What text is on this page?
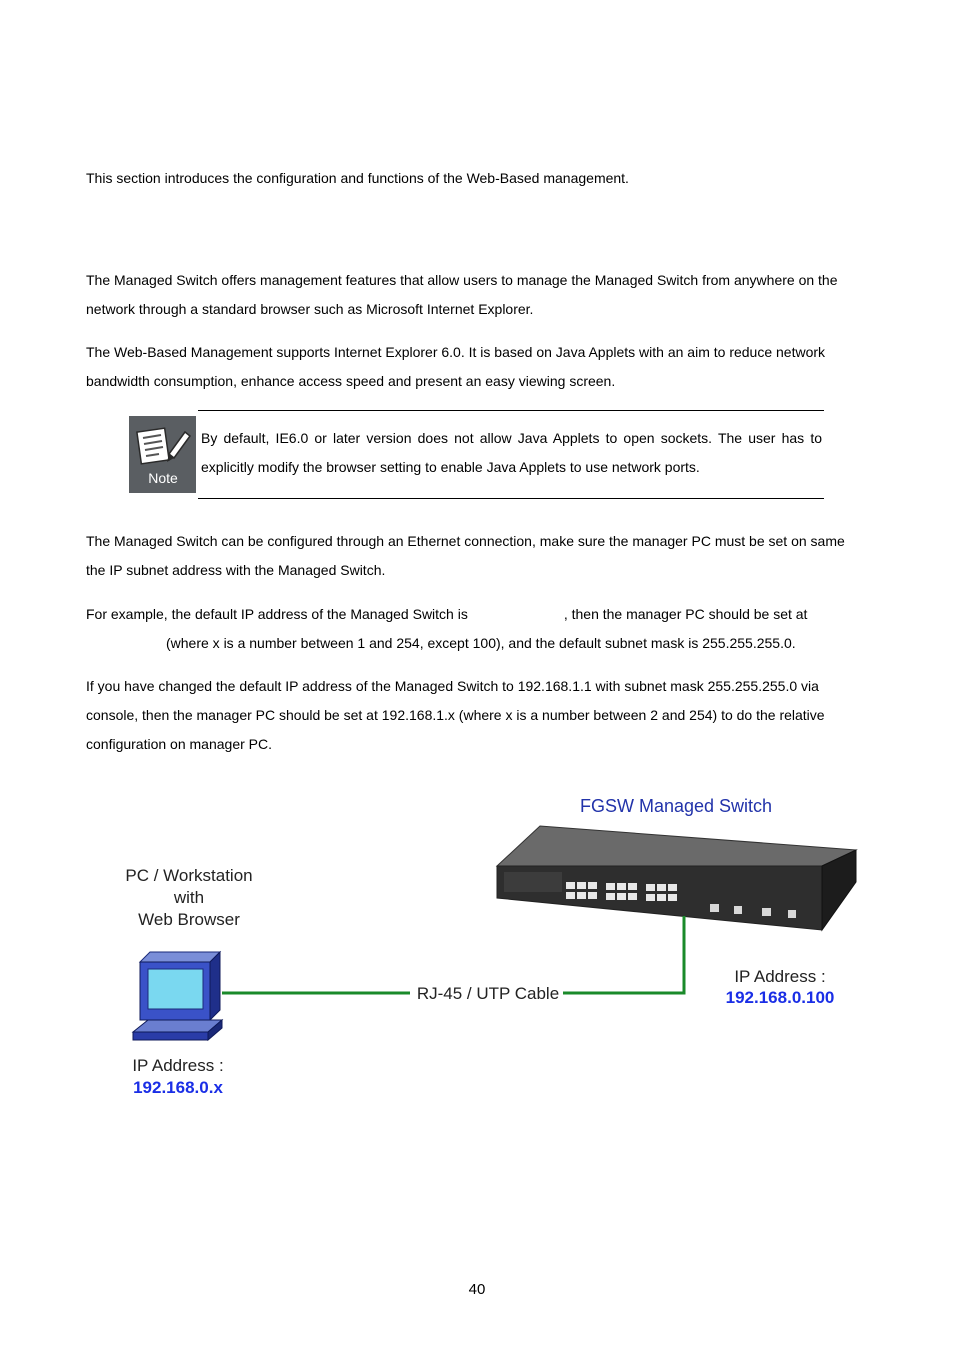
This section introduces the configuration and functions of the Web-Based management.

The Managed Switch offers management features that allow users to manage the Managed Switch from anywhere on the
network through a standard browser such as Microsoft Internet Explorer.

The Web-Based Management supports Internet Explorer 6.0. It is based on Java Applets with an aim to reduce network
bandwidth consumption, enhance access speed and present an easy viewing screen.

Note
By default, IE6.0 or later version does not allow Java Applets to open sockets. The user has to explicitly modify the browser setting to enable Java Applets to use network ports.

The Managed Switch can be configured through an Ethernet connection, make sure the manager PC must be set on same
the IP subnet address with the Managed Switch.

For example, the default IP address of the Managed Switch is	, then the manager PC should be set at
(where x is a number between 1 and 254, except 100), and the default subnet mask is 255.255.255.0.

If you have changed the default IP address of the Managed Switch to 192.168.1.1 with subnet mask 255.255.255.0 via
console, then the manager PC should be set at 192.168.1.x (where x is a number between 2 and 254) to do the relative
configuration on manager PC.

FGSW Managed Switch
PC / Workstation
with
Web Browser
RJ-45 / UTP Cable
IP Address :
192.168.0.100
IP Address :
192.168.0.x
40
